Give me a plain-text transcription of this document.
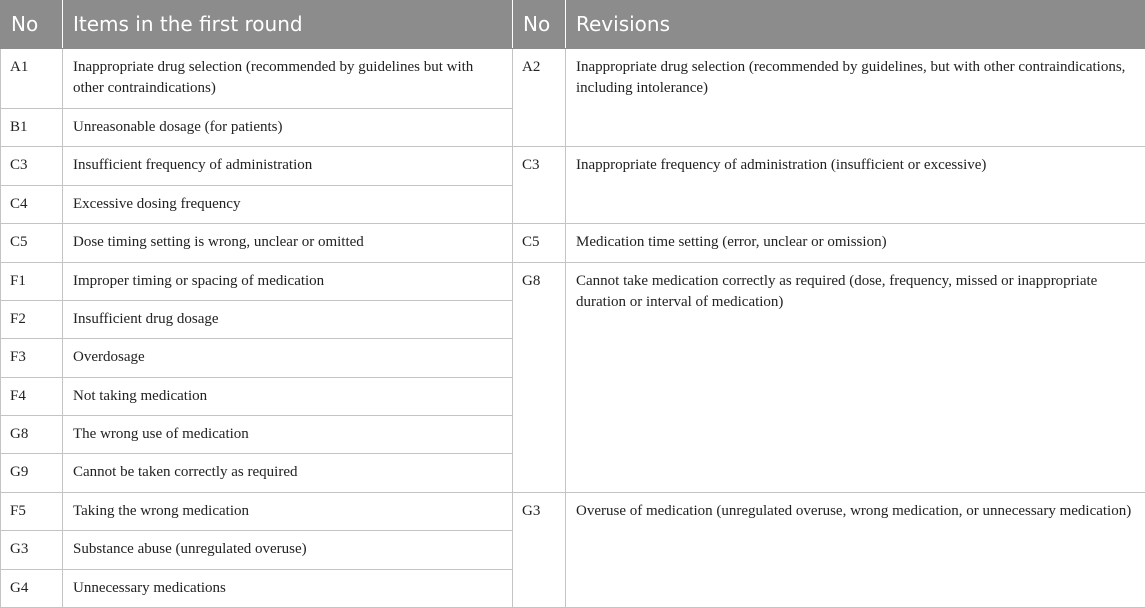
No	Items in the first round	No	Revisions
A1	Inappropriate drug selection (recommended by guidelines but with other contraindications)	A2	Inappropriate drug selection (recommended by guidelines, but with other contraindications, including intolerance)
B1	Unreasonable dosage (for patients)		
C3	Insufficient frequency of administration	C3	Inappropriate frequency of administration (insufficient or excessive)
C4	Excessive dosing frequency		
C5	Dose timing setting is wrong, unclear or omitted	C5	Medication time setting (error, unclear or omission)
F1	Improper timing or spacing of medication	G8	Cannot take medication correctly as required (dose, frequency, missed or inappropriate duration or interval of medication)
F2	Insufficient drug dosage		
F3	Overdosage		
F4	Not taking medication		
G8	The wrong use of medication		
G9	Cannot be taken correctly as required		
F5	Taking the wrong medication	G3	Overuse of medication (unregulated overuse, wrong medication, or unnecessary medication)
G3	Substance abuse (unregulated overuse)		
G4	Unnecessary medications		
